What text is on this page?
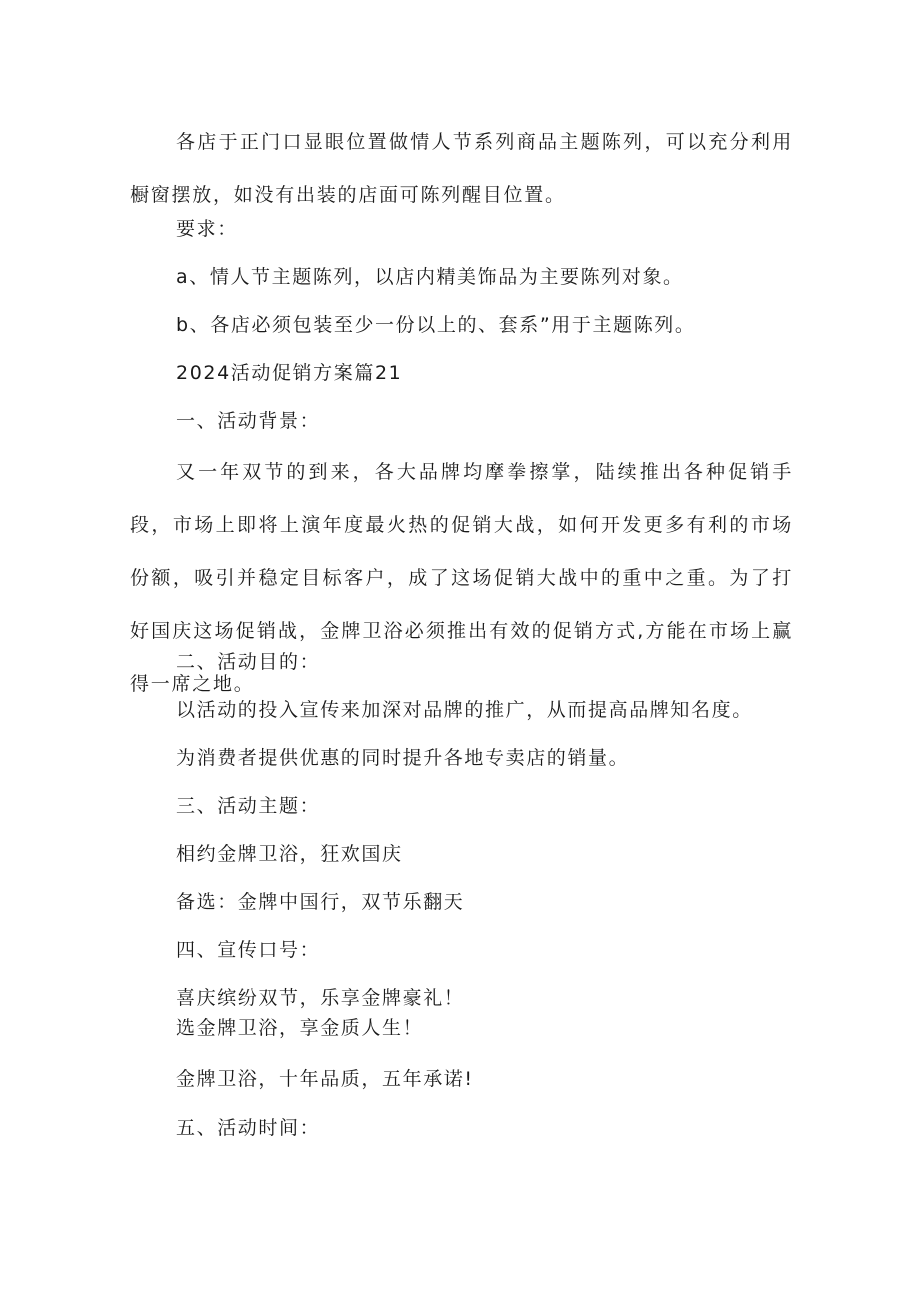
各店于正门口显眼位置做情人节系列商品主题陈列，可以充分利用橱窗摆放，如没有出装的店面可陈列醒目位置。
要求：
a、情人节主题陈列，以店内精美饰品为主要陈列对象。
b、各店必须包装至少一份以上的、套系”用于主题陈列。
2024活动促销方案篇21
一、活动背景：
又一年双节的到来，各大品牌均摩拳擦掌，陆续推出各种促销手段，市场上即将上演年度最火热的促销大战，如何开发更多有利的市场份额，吸引并稳定目标客户，成了这场促销大战中的重中之重。为了打好国庆这场促销战，金牌卫浴必须推出有效的促销方式,方能在市场上赢得一席之地。
二、活动目的：
以活动的投入宣传来加深对品牌的推广，从而提高品牌知名度。
为消费者提供优惠的同时提升各地专卖店的销量。
三、活动主题：
相约金牌卫浴，狂欢国庆
备选：金牌中国行，双节乐翻天
四、宣传口号：
喜庆缤纷双节，乐享金牌豪礼！
选金牌卫浴，享金质人生！
金牌卫浴，十年品质，五年承诺!
五、活动时间：
